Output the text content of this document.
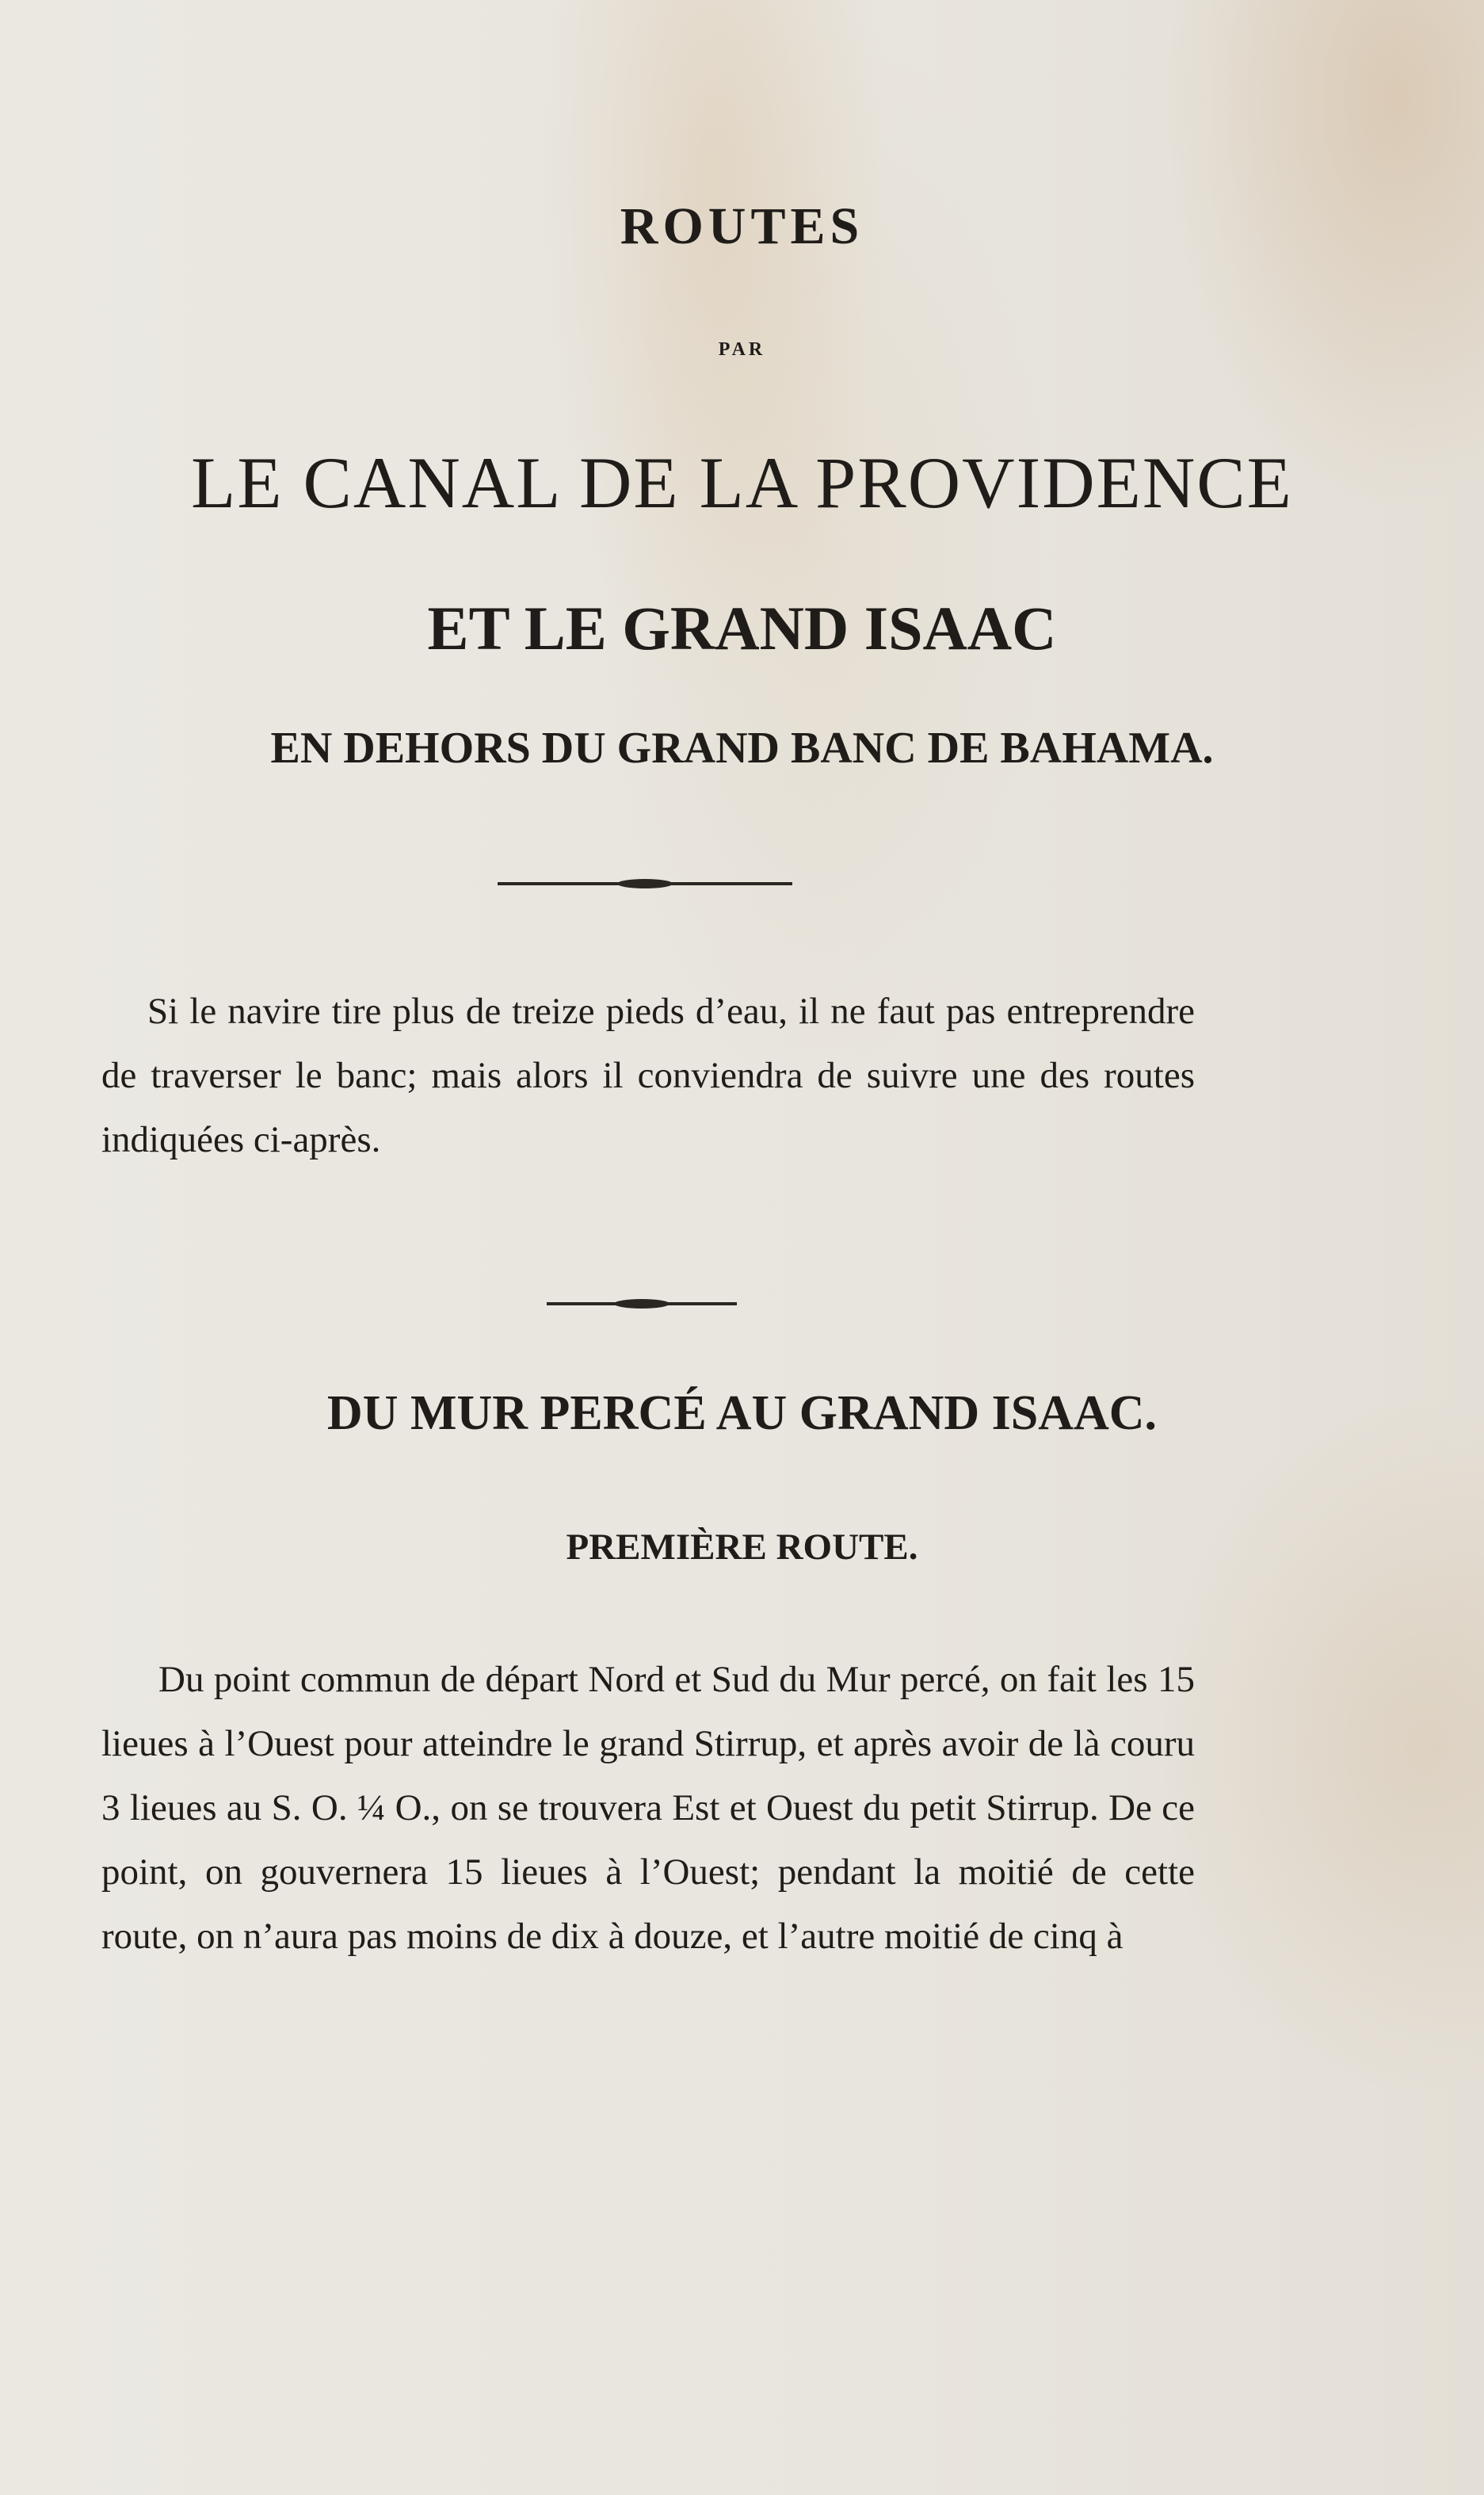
ROUTES
PAR
LE CANAL DE LA PROVIDENCE
ET LE GRAND ISAAC
EN DEHORS DU GRAND BANC DE BAHAMA.

Si le navire tire plus de treize pieds d’eau, il ne faut pas entreprendre de traverser le banc; mais alors il conviendra de suivre une des routes indiquées ci-après.

DU MUR PERCÉ AU GRAND ISAAC.
PREMIÈRE ROUTE.

Du point commun de départ Nord et Sud du Mur percé, on fait les 15 lieues à l’Ouest pour atteindre le grand Stirrup, et après avoir de là couru 3 lieues au S. O. ¼ O., on se trouvera Est et Ouest du petit Stirrup. De ce point, on gouvernera 15 lieues à l’Ouest; pendant la moitié de cette route, on n’aura pas moins de dix à douze, et l’autre moitié de cinq à
